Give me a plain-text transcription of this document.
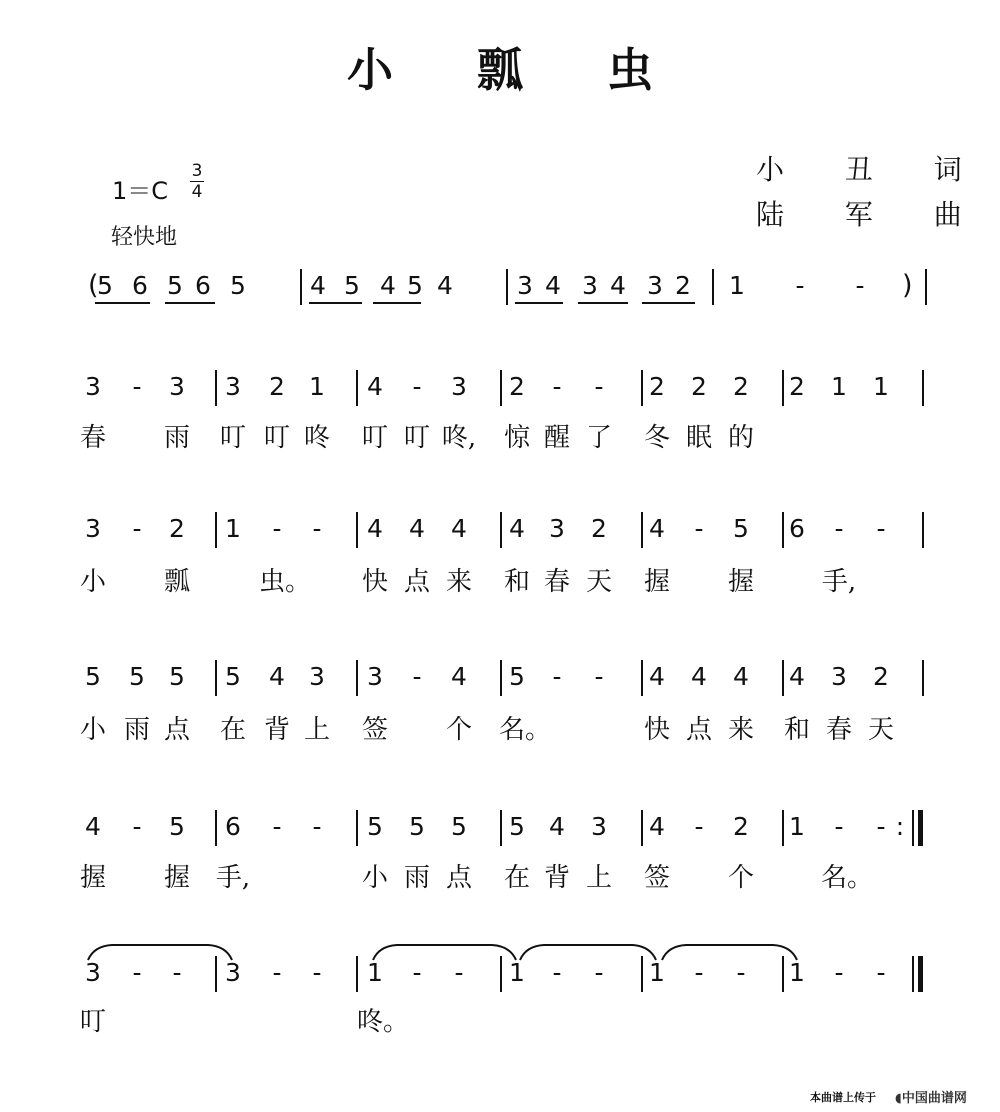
小 瓢 虫
小 丑 词
陆 军 曲
1＝C
3
4
轻快地
3	-	3 3 2 1 4	-	3 2	-	-	2 2 2 2 1 1
春 雨 叮 叮 咚 叮 叮 咚, 惊 醒 了 冬 眠 的
3	-	2 1	-	-	4 4 4 4 3 2 4	-	5 6	-	-
小 瓢	虫。 快 点 来 和 春 天 握 握	手,
5 5 5 5 4 3 3	-	4 5	-	-	4 4 4 4 3 2
小 雨 点 在 背 上 签 个 名。	快 点 来 和 春 天
4	-	5 6	-	-	5 5 5 5 4 3 4	-	2 1	-	-
握 握 手,	小 雨 点 在 背 上 签 个	名。
3	-	-	3	-	-	1	-	-	1	-	-	1	-	-	1	-	-
叮	咚。
:
(
5 6 5 6 5	4 5 4 5 4	3 4 3 4 3 2 1	-	-	)
本曲谱上传于 ◖中国曲谱网
